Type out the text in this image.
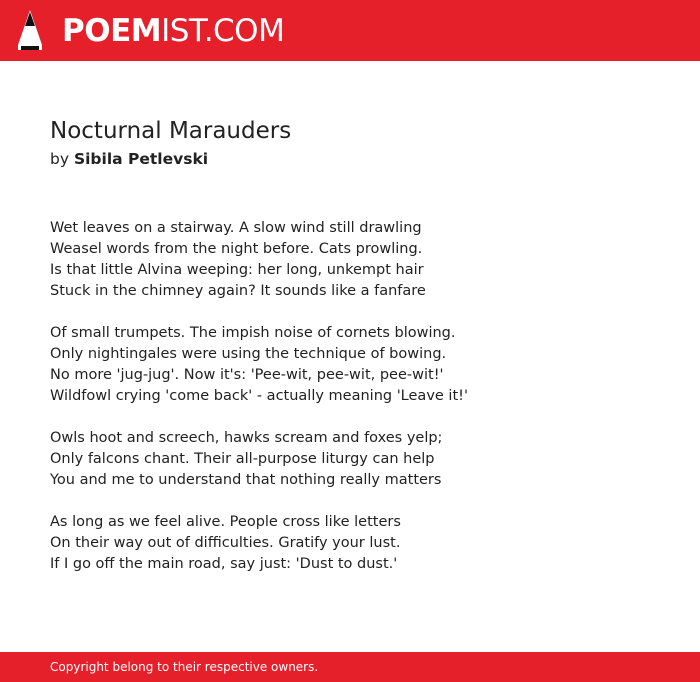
POEMIST.COM
Nocturnal Marauders
by Sibila Petlevski
Wet leaves on a stairway. A slow wind still drawling
Weasel words from the night before. Cats prowling.
Is that little Alvina weeping: her long, unkempt hair
Stuck in the chimney again? It sounds like a fanfare
Of small trumpets. The impish noise of cornets blowing.
Only nightingales were using the technique of bowing.
No more 'jug-jug'. Now it's: 'Pee-wit, pee-wit, pee-wit!'
Wildfowl crying 'come back' - actually meaning 'Leave it!'
Owls hoot and screech, hawks scream and foxes yelp;
Only falcons chant. Their all-purpose liturgy can help
You and me to understand that nothing really matters
As long as we feel alive. People cross like letters
On their way out of difficulties. Gratify your lust.
If I go off the main road, say just: 'Dust to dust.'
Copyright belong to their respective owners.
